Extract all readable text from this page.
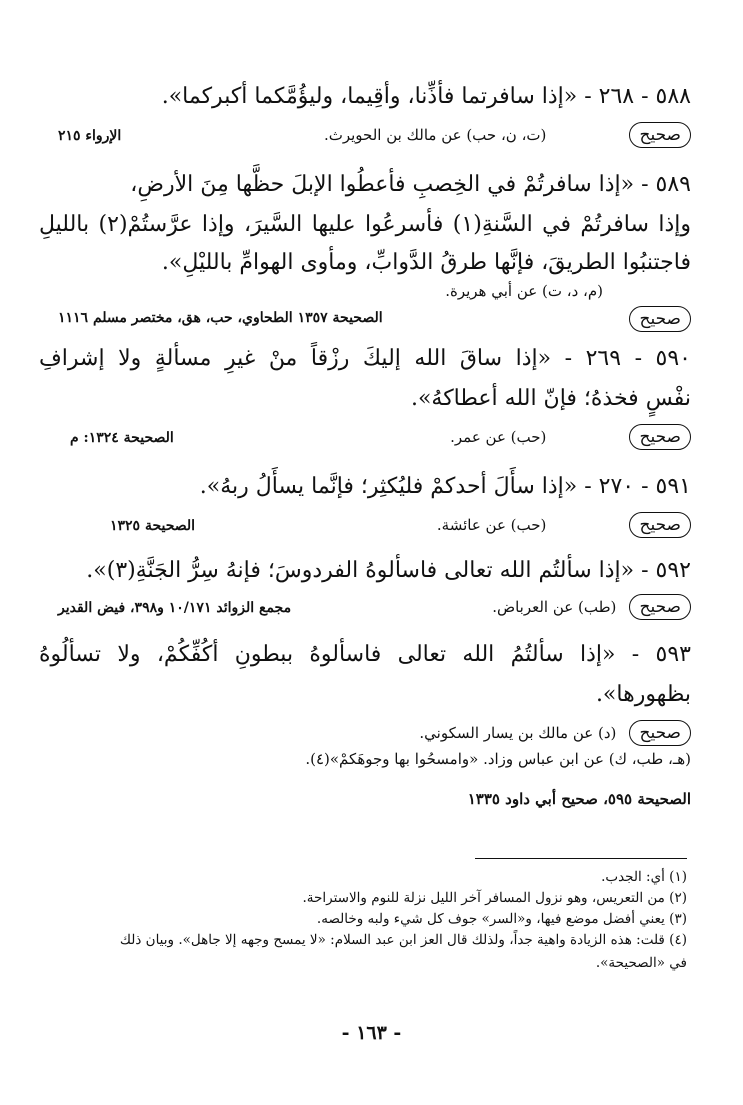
٥٨٨ - ٢٦٨ - «إذا سافرتما فأذِّنا، وأقِيما، وليؤُمَّكما أكبركما».
صحيح (ت، ن، حب) عن مالك بن الحويرث.
الإرواء ٢١٥
٥٨٩ - «إذا سافرتُمْ في الخِصبِ فأعطُوا الإبلَ حظَّها مِنَ الأرضِ،
وإذا سافرتُمْ في السَّنةِ(١) فأسرعُوا عليها السَّيرَ، وإذا عرَّستُمْ(٢) بالليلِ
فاجتنبُوا الطريقَ، فإنَّها طرقُ الدَّوابِّ، ومأوى الهوامِّ بالليْلِ».
(م، د، ت) عن أبي هريرة.
صحيح
الصحيحة ١٣٥٧ الطحاوي، حب، هق، مختصر مسلم ١١١٦
٥٩٠ - ٢٦٩ - «إذا ساقَ الله إليكَ رزْقاً منْ غيرِ مسألةٍ ولا إشرافِ
نفْسٍ فخذهُ؛ فإنّ الله أعطاكهُ».
صحيح (حب) عن عمر.
الصحيحة ١٣٢٤: م
٥٩١ - ٢٧٠ - «إذا سأَلَ أحدكمْ فليُكثِر؛ فإنَّما يسأَلُ ربهُ».
صحيح (حب) عن عائشة.
الصحيحة ١٣٢٥
٥٩٢ - «إذا سألتُم الله تعالى فاسألوهُ الفردوسَ؛ فإنهُ سِرُّ الجَنَّةِ(٣)».
صحيح (طب) عن العرباض.
مجمع الزوائد ١٠/١٧١ و٣٩٨، فيض القدير
٥٩٣ - «إذا سألتُمُ الله تعالى فاسألوهُ ببطونِ أكُفِّكُمْ، ولا تسألُوهُ
بظهورها».
صحيح (د) عن مالك بن يسار السكوني.
(هـ، طب، ك) عن ابن عباس وزاد. «وامسحُوا بها وجوهَكمْ»(٤).
الصحيحة ٥٩٥، صحيح أبي داود ١٣٣٥
(١) أي: الجدب.
(٢) من التعريس، وهو نزول المسافر آخر الليل نزلة للنوم والاستراحة.
(٣) يعني أفضل موضع فيها، و«السر» جوف كل شيء ولبه وخالصه.
(٤) قلت: هذه الزيادة واهية جداً، ولذلك قال العز ابن عبد السلام: «لا يمسح وجهه إلا جاهل». وبيان ذلك
في «الصحيحة».
- ١٦٣ -
